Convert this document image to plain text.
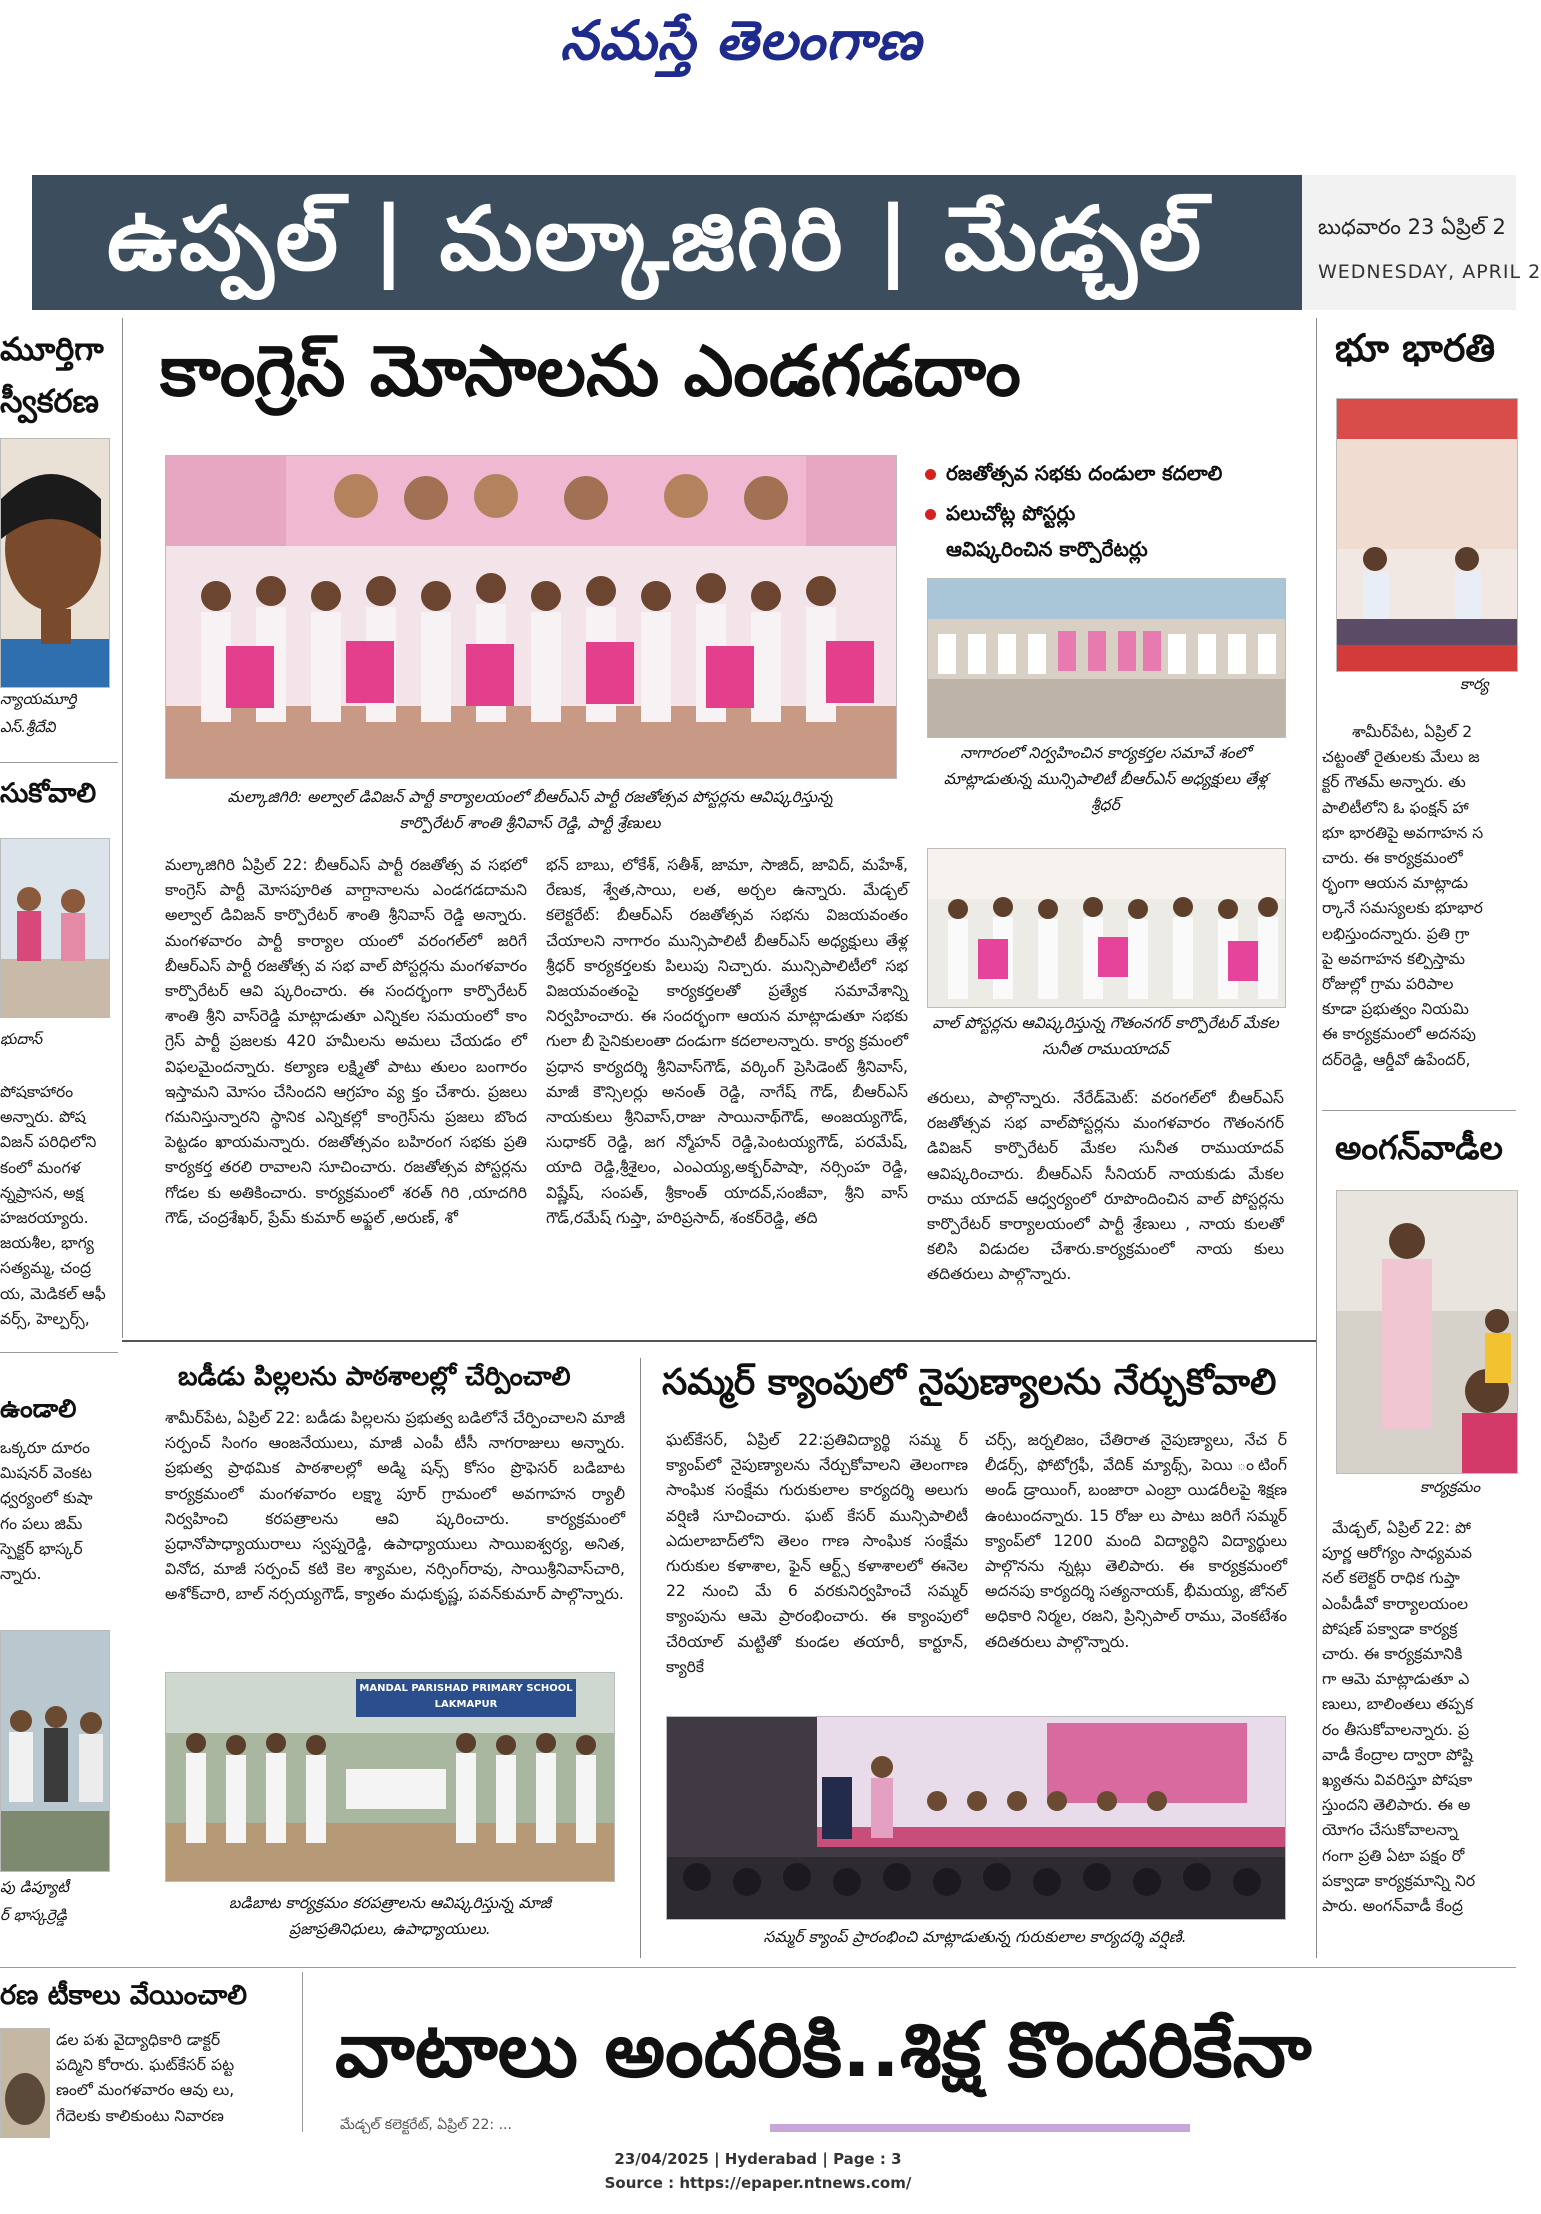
నమస్తే తెలంగాణ
ఉప్పల్ | మల్కాజిగిరి | మేడ్చల్	బుధవారం 23 ఏప్రిల్ 2
WEDNESDAY, APRIL 2
మూర్తిగా
స్వీకరణ
న్యాయమూర్తి
ఎస్.శ్రీదేవి
సుకోవాలి
భుదాస్
పోషకాహారం
అన్నారు. పోష
విజన్ పరిధిలోని
కంలో మంగళ
న్నప్రాసన, అక్ష
హజరయ్యారు.
జయశీల, భాగ్య
సత్యమ్మ, చంద్ర
య, మెడికల్ ఆఫీ
వర్స్, హెల్పర్స్,
ఉండాలి
ఒక్కరూ దూరం
మిషనర్ వెంకట
ధ్వర్యంలో కుషా
గం పలు జిమ్
స్పెక్టర్ భాస్కర్
న్నారు.
పు డిప్యూటీ
ర్ భాస్కర్రెడ్డి
రణ టీకాలు వేయించాలి
డల పశు వైద్యాధికారి డాక్టర్
పద్మిని కోరారు. ఘట్‌కేసర్ పట్ట
ణంలో మంగళవారం ఆవు లు,
గేదెలకు కాలికుంటు నివారణ
కాంగ్రెస్ మోసాలను ఎండగడదాం
మల్కాజిగిరి: అల్వాల్ డివిజన్ పార్టీ కార్యాలయంలో బీఆర్ఎస్ పార్టీ రజతోత్సవ పోస్టర్లను ఆవిష్కరిస్తున్న కార్పొరేటర్ శాంతి శ్రీనివాస్ రెడ్డి, పార్టీ శ్రేణులు
రజతోత్సవ సభకు దండులా కదలాలి
పలుచోట్ల పోస్టర్లు
ఆవిష్కరించిన కార్పొరేటర్లు
నాగారంలో నిర్వహించిన కార్యకర్తల సమావే శంలో మాట్లాడుతున్న మున్సిపాలిటీ బీఆర్ఎస్ అధ్యక్షులు తేళ్ల శ్రీధర్
వాల్ పోస్టర్లను ఆవిష్కరిస్తున్న గౌతంనగర్ కార్పొరేటర్ మేకల సునీత రాముయాదవ్
మల్కాజిగిరి ఏప్రిల్ 22: బీఆర్ఎస్ పార్టీ రజతోత్స వ సభలో కాంగ్రెస్ పార్టీ మోసపూరిత వాగ్దానాలను ఎండగడదామని అల్వాల్ డివిజన్ కార్పొరేటర్ శాంతి శ్రీనివాస్ రెడ్డి అన్నారు. మంగళవారం పార్టీ కార్యాల యంలో వరంగల్‌లో జరిగే బీఆర్ఎస్ పార్టీ రజతోత్స వ సభ వాల్ పోస్టర్లను మంగళవారం కార్పొరేటర్ ఆవి ష్కరించారు. ఈ సందర్భంగా కార్పొరేటర్ శాంతి శ్రీని వాస్‌రెడ్డి మాట్లాడుతూ ఎన్నికల సమయంలో కాం గ్రెస్ పార్టీ ప్రజలకు 420 హమీలను అమలు చేయడం లో విఫలమైందన్నారు. కల్యాణ లక్ష్మితో పాటు తులం బంగారం ఇస్తామని మోసం చేసిందని ఆగ్రహం వ్య క్తం చేశారు. ప్రజలు గమనిస్తున్నారని స్థానిక ఎన్నికల్లో కాంగ్రెస్‌ను ప్రజలు బొంద పెట్టడం ఖాయమన్నారు. రజతోత్సవం బహిరంగ సభకు ప్రతి కార్యకర్త తరలి రావాలని సూచించారు. రజతోత్సవ పోస్టర్లను గోడల కు అతికించారు. కార్యక్రమంలో శరత్ గిరి ,యాదగిరి గౌడ్, చంద్రశేఖర్, ప్రేమ్ కుమార్ అఫ్జల్ ,అరుణ్, శో
భన్ బాబు, లోకేశ్, సతీశ్, జామా, సాజిద్, జావిద్, మహేశ్, రేణుక, శ్వేత,సాయి, లత, అర్చల ఉన్నారు. మేడ్చల్ కలెక్టరేట్: బీఆర్ఎస్ రజతోత్సవ సభను విజయవంతం చేయాలని నాగారం మున్సిపాలిటీ బీఆర్ఎస్ అధ్యక్షులు తేళ్ల శ్రీధర్ కార్యకర్తలకు పిలుపు నిచ్చారు. మున్సిపాలిటీలో సభ విజయవంతంపై కార్యకర్తలతో ప్రత్యేక సమావేశాన్ని నిర్వహించారు. ఈ సందర్భంగా ఆయన మాట్లాడుతూ సభకు గులా బీ సైనికులంతా దండుగా కదలాలన్నారు. కార్య క్రమంలో ప్రధాన కార్యదర్శి శ్రీనివాస్‌గౌడ్, వర్కింగ్ ప్రెసిడెంట్ శ్రీనివాస్, మాజీ కౌన్సిలర్లు అనంత్ రెడ్డి, నాగేష్ గౌడ్, బీఆర్ఎస్ నాయకులు శ్రీనివాస్,రాజు సాయినాథ్‌గౌడ్, అంజయ్యగౌడ్, సుధాకర్ రెడ్డి, జగ న్మోహన్ రెడ్డి,పెంటయ్యగౌడ్, పరమేష్, యాది రెడ్డి,శ్రీశైలం, ఎంఎయ్య,అక్బర్‌పాషా, నర్సింహ రెడ్డి, విష్ణేష్, సంపత్, శ్రీకాంత్ యాదవ్,సంజీవా, శ్రీని వాస్ గౌడ్,రమేష్ గుప్తా, హరిప్రసాద్, శంకర్‌రెడ్డి, తది
తరులు, పాల్గొన్నారు. నేరేడ్‌మెట్: వరంగల్‌లో బీఆర్ఎస్ రజతోత్సవ సభ వాల్‌పోస్టర్లను మంగళవారం గౌతంనగర్ డివిజన్ కార్పొరేటర్ మేకల సునీత రాముయాదవ్ ఆవిష్కరించారు. బీఆర్ఎస్ సీనియర్ నాయకుడు మేకల రాము యాదవ్ ఆధ్వర్యంలో రూపొందించిన వాల్ పోస్టర్లను కార్పొరేటర్ కార్యాలయంలో పార్టీ శ్రేణులు , నాయ కులతో కలిసి విడుదల చేశారు.కార్యక్రమంలో నాయ కులు తదితరులు పాల్గొన్నారు.
బడీడు పిల్లలను పాఠశాలల్లో చేర్పించాలి
శామీర్‌పేట, ఏప్రిల్ 22: బడీడు పిల్లలను ప్రభుత్వ బడిలోనే చేర్పించాలని మాజీ సర్పంచ్ సింగం ఆంజనేయులు, మాజీ ఎంపీ టీసీ నాగరాజులు అన్నారు. ప్రభుత్వ ప్రాథమిక పాఠశాలల్లో అడ్మి షన్స్ కోసం ప్రొఫెసర్ బడిబాట కార్యక్రమంలో మంగళవారం లక్ష్మా పూర్ గ్రామంలో అవగాహన ర్యాలీ నిర్వహించి కరపత్రాలను ఆవి ష్కరించారు. కార్యక్రమంలో ప్రధానోపాధ్యాయురాలు స్వప్నరెడ్డి, ఉపాధ్యాయులు సాయిఐశ్వర్య, అనిత, వినోద, మాజీ సర్పంచ్ కటి కెల శ్యామల, నర్సింగ్‌రావు, సాయిశ్రీనివాస్‌చారి, అశోక్‌చారి, బాల్ నర్సయ్యగౌడ్, క్యాతం మధుకృష్ణ, పవన్‌కుమార్ పాల్గొన్నారు.
MANDAL PARISHAD PRIMARY SCHOOL LAKMAPUR
బడిబాట కార్యక్రమం కరపత్రాలను ఆవిష్కరిస్తున్న మాజీ ప్రజాప్రతినిధులు, ఉపాధ్యాయులు.
సమ్మర్ క్యాంపులో నైపుణ్యాలను నేర్చుకోవాలి
ఘట్‌కేసర్, ఏప్రిల్ 22:ప్రతివిద్యార్థి సమ్మ ర్ క్యాంప్‌లో నైపుణ్యాలను నేర్చుకోవాలని తెలంగాణ సాంఘిక సంక్షేమ గురుకులాల కార్యదర్శి అలుగు వర్షిణి సూచించారు. ఘట్ కేసర్ మున్సిపాలిటీ ఎదులాబాద్‌లోని తెలం గాణ సాంఘిక సంక్షేమ గురుకుల కళాశాల, ఫైన్ ఆర్ట్స్ కళాశాలలో ఈనెల 22 నుంచి మే 6 వరకునిర్వహించే సమ్మర్ క్యాంపును ఆమె ప్రారంభించారు. ఈ క్యాంపులో చేరియాల్ మట్టితో కుండల తయారీ, కార్టూన్, క్యారికే
చర్స్, జర్నలిజం, చేతిరాత నైపుణ్యాలు, నేచ ర్ లీడర్స్, ఫోటోగ్రఫీ, వేదిక్ మ్యాథ్స్, పెయి ంటింగ్ అండ్ డ్రాయింగ్, బంజారా ఎంబ్రా యిడరీలపై శిక్షణ ఉంటుందన్నారు. 15 రోజు లు పాటు జరిగే సమ్మర్ క్యాంప్‌లో 1200 మంది విద్యార్థిని విద్యార్థులు పాల్గొనను న్నట్లు తెలిపారు. ఈ కార్యక్రమంలో అదనపు కార్యదర్శి సత్యనాయక్, భీమయ్య, జోనల్ అధికారి నిర్మల, రజని, ప్రిన్సిపాల్ రాము, వెంకటేశం తదితరులు పాల్గొన్నారు.
సమ్మర్ క్యాంప్ ప్రారంభించి మాట్లాడుతున్న గురుకులాల కార్యదర్శి వర్షిణి.
భూ భారతి
కార్య
శామీర్‌పేట, ఏప్రిల్ 2
చట్టంతో రైతులకు మేలు జ
క్టర్ గౌతమ్ అన్నారు. తు
పాలిటీలోని ఓ ఫంక్షన్ హా
భూ భారతిపై అవగాహన స
చారు. ఈ కార్యక్రమంలో
ర్భంగా ఆయన మాట్లాడు
ర్కానే సమస్యలకు భూభార
లభిస్తుందన్నారు. ప్రతి గ్రా
పై అవగాహన కల్పిస్తామ
రోజుల్లో గ్రామ పరిపాల
కూడా ప్రభుత్వం నియమి
ఈ కార్యక్రమంలో అదనపు
దర్‌రెడ్డి, ఆర్డీవో ఉపేందర్,
అంగన్‌వాడీల
కార్యక్రమం
మేడ్చల్, ఏప్రిల్ 22: పో
పూర్ణ ఆరోగ్యం సాధ్యమవ
నల్ కలెక్టర్ రాధిక గుప్తా
ఎంపీడీవో కార్యాలయంల
పోషణ్ పక్వాడా కార్యక్ర
చారు. ఈ కార్యక్రమానికి
గా ఆమె మాట్లాడుతూ ఎ
ణులు, బాలింతలు తప్పక
రం తీసుకోవాలన్నారు. ప్ర
వాడీ కేంద్రాల ద్వారా పోష్టి
ఖ్యతను వివరిస్తూ పోషకా
స్తుందని తెలిపారు. ఈ అ
యోగం చేసుకోవాలన్నా
గంగా ప్రతి ఏటా పక్షం రో
పక్వాడా కార్యక్రమాన్ని నిర
పారు. అంగన్‌వాడీ కేంద్ర
వాటాలు అందరికి..శిక్ష కొందరికేనా
మేడ్చల్ కలెక్టరేట్, ఏప్రిల్ 22: ...
23/04/2025 | Hyderabad | Page : 3
Source : https://epaper.ntnews.com/
